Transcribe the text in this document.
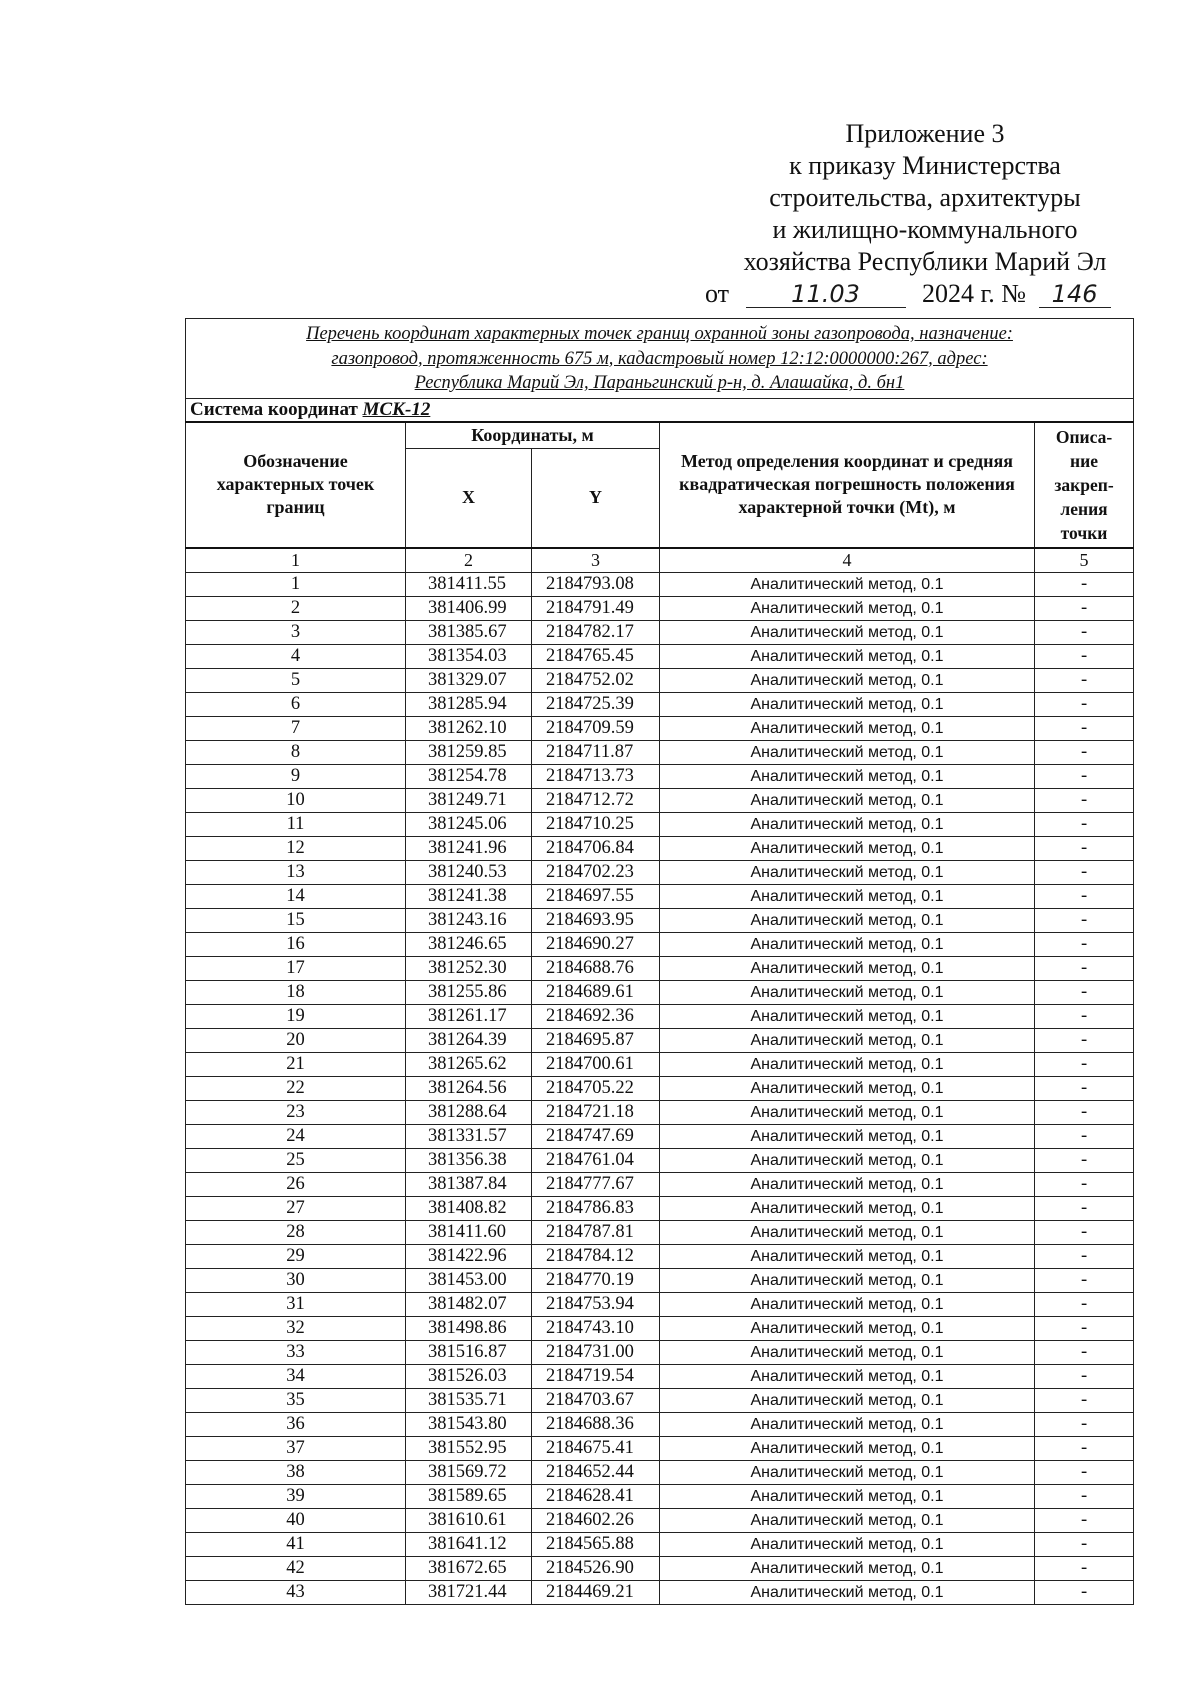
Приложение 3
к приказу Министерства
строительства, архитектуры
и жилищно-коммунального
хозяйства Республики Марий Эл
от	11.03 2024 г. № 146
Перечень координат характерных точек границ охранной зоны газопровода, назначение:
газопровод, протяженность 675 м, кадастровый номер 12:12:0000000:267, адрес:
Республика Марий Эл, Параньгинский р-н, д. Алашайка, д. бн1				

Система координат МСК-12				
Обозначение характерных точек границ	Координаты, м		Метод определения координат и средняя квадратическая погрешность положения характерной точки (Mt), м	Описа-ние закреп-ления точки
	X	Y		
1	2	3	4	5
1	381411.55	2184793.08	Аналитический метод, 0.1	-
2	381406.99	2184791.49	Аналитический метод, 0.1	-
3	381385.67	2184782.17	Аналитический метод, 0.1	-
4	381354.03	2184765.45	Аналитический метод, 0.1	-
5	381329.07	2184752.02	Аналитический метод, 0.1	-
6	381285.94	2184725.39	Аналитический метод, 0.1	-
7	381262.10	2184709.59	Аналитический метод, 0.1	-
8	381259.85	2184711.87	Аналитический метод, 0.1	-
9	381254.78	2184713.73	Аналитический метод, 0.1	-
10	381249.71	2184712.72	Аналитический метод, 0.1	-
11	381245.06	2184710.25	Аналитический метод, 0.1	-
12	381241.96	2184706.84	Аналитический метод, 0.1	-
13	381240.53	2184702.23	Аналитический метод, 0.1	-
14	381241.38	2184697.55	Аналитический метод, 0.1	-
15	381243.16	2184693.95	Аналитический метод, 0.1	-
16	381246.65	2184690.27	Аналитический метод, 0.1	-
17	381252.30	2184688.76	Аналитический метод, 0.1	-
18	381255.86	2184689.61	Аналитический метод, 0.1	-
19	381261.17	2184692.36	Аналитический метод, 0.1	-
20	381264.39	2184695.87	Аналитический метод, 0.1	-
21	381265.62	2184700.61	Аналитический метод, 0.1	-
22	381264.56	2184705.22	Аналитический метод, 0.1	-
23	381288.64	2184721.18	Аналитический метод, 0.1	-
24	381331.57	2184747.69	Аналитический метод, 0.1	-
25	381356.38	2184761.04	Аналитический метод, 0.1	-
26	381387.84	2184777.67	Аналитический метод, 0.1	-
27	381408.82	2184786.83	Аналитический метод, 0.1	-
28	381411.60	2184787.81	Аналитический метод, 0.1	-
29	381422.96	2184784.12	Аналитический метод, 0.1	-
30	381453.00	2184770.19	Аналитический метод, 0.1	-
31	381482.07	2184753.94	Аналитический метод, 0.1	-
32	381498.86	2184743.10	Аналитический метод, 0.1	-
33	381516.87	2184731.00	Аналитический метод, 0.1	-
34	381526.03	2184719.54	Аналитический метод, 0.1	-
35	381535.71	2184703.67	Аналитический метод, 0.1	-
36	381543.80	2184688.36	Аналитический метод, 0.1	-
37	381552.95	2184675.41	Аналитический метод, 0.1	-
38	381569.72	2184652.44	Аналитический метод, 0.1	-
39	381589.65	2184628.41	Аналитический метод, 0.1	-
40	381610.61	2184602.26	Аналитический метод, 0.1	-
41	381641.12	2184565.88	Аналитический метод, 0.1	-
42	381672.65	2184526.90	Аналитический метод, 0.1	-
43	381721.44	2184469.21	Аналитический метод, 0.1	-
